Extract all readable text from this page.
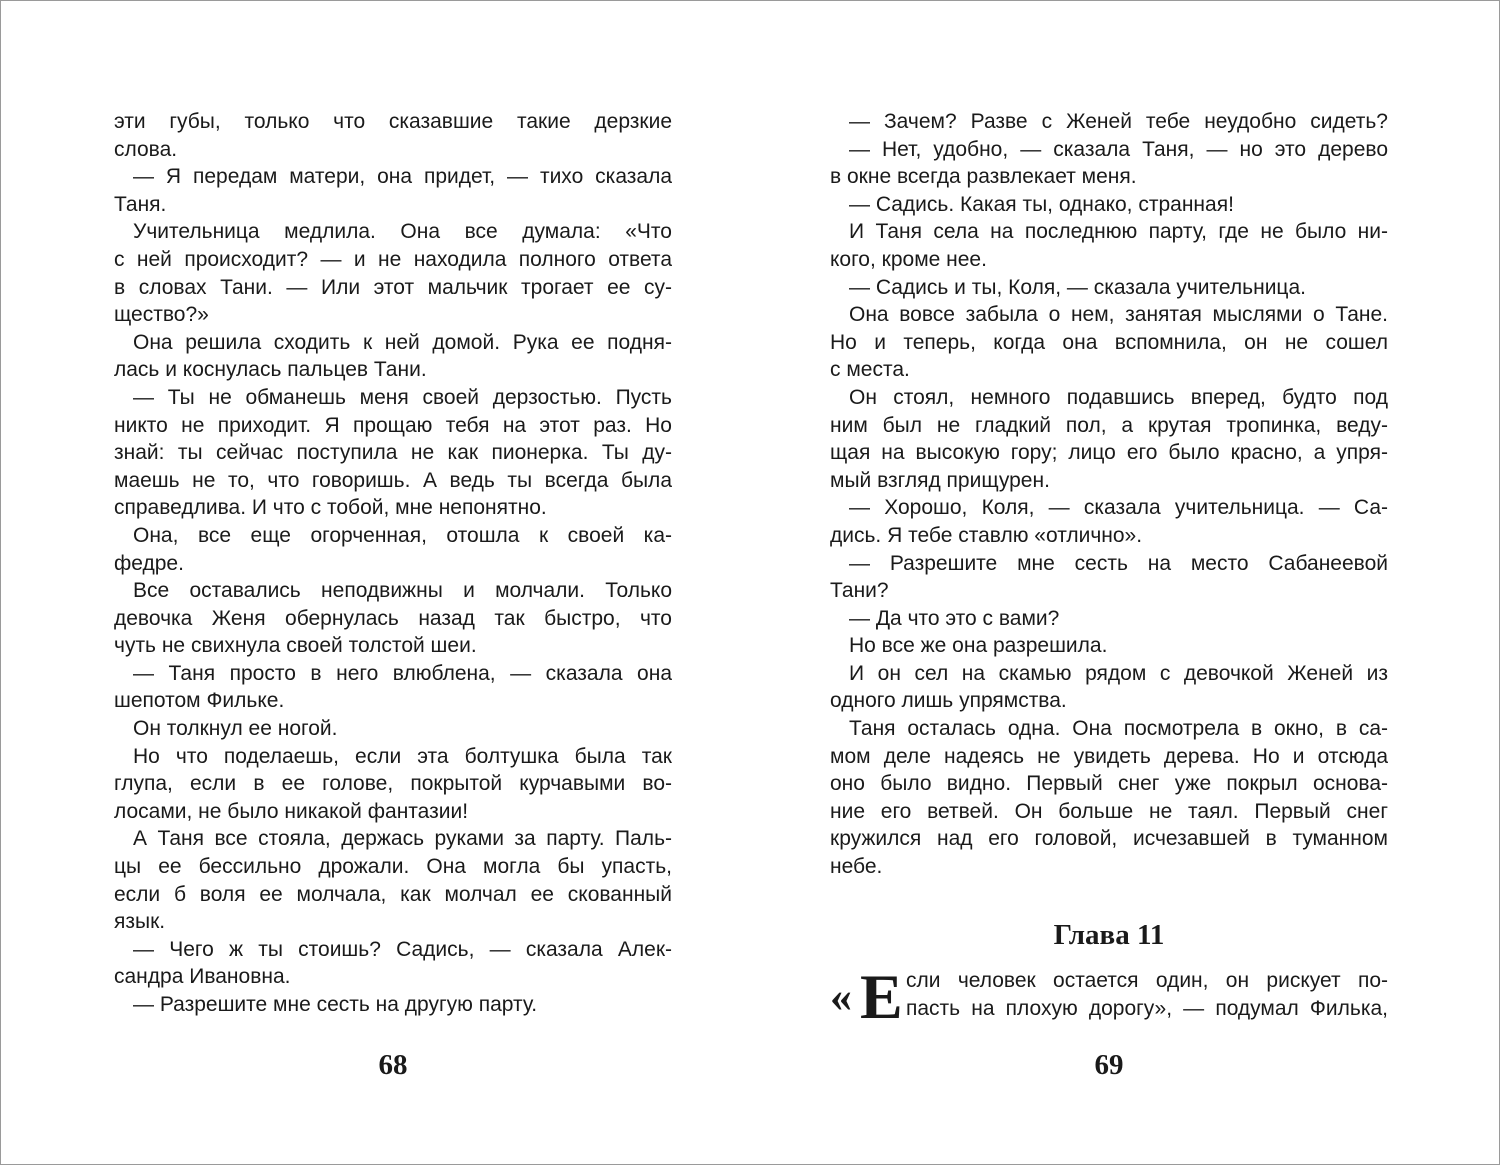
эти губы, только что сказавшие такие дерзкие
слова.
— Я передам матери, она придет, — тихо сказала
Таня.
Учительница медлила. Она все думала: «Что
с ней происходит? — и не находила полного ответа
в словах Тани. — Или этот мальчик трогает ее су-
щество?»
Она решила сходить к ней домой. Рука ее подня-
лась и коснулась пальцев Тани.
— Ты не обманешь меня своей дерзостью. Пусть
никто не приходит. Я прощаю тебя на этот раз. Но
знай: ты сейчас поступила не как пионерка. Ты ду-
маешь не то, что говоришь. А ведь ты всегда была
справедлива. И что с тобой, мне непонятно.
Она, все еще огорченная, отошла к своей ка-
федре.
Все оставались неподвижны и молчали. Только
девочка Женя обернулась назад так быстро, что
чуть не свихнула своей толстой шеи.
— Таня просто в него влюблена, — сказала она
шепотом Фильке.
Он толкнул ее ногой.
Но что поделаешь, если эта болтушка была так
глупа, если в ее голове, покрытой курчавыми во-
лосами, не было никакой фантазии!
А Таня все стояла, держась руками за парту. Паль-
цы ее бессильно дрожали. Она могла бы упасть,
если б воля ее молчала, как молчал ее скованный
язык.
— Чего ж ты стоишь? Садись, — сказала Алек-
сандра Ивановна.
— Разрешите мне сесть на другую парту.
— Зачем? Разве с Женей тебе неудобно сидеть?
— Нет, удобно, — сказала Таня, — но это дерево
в окне всегда развлекает меня.
— Садись. Какая ты, однако, странная!
И Таня села на последнюю парту, где не было ни-
кого, кроме нее.
— Садись и ты, Коля, — сказала учительница.
Она вовсе забыла о нем, занятая мыслями о Тане.
Но и теперь, когда она вспомнила, он не сошел
с места.
Он стоял, немного подавшись вперед, будто под
ним был не гладкий пол, а крутая тропинка, веду-
щая на высокую гору; лицо его было красно, а упря-
мый взгляд прищурен.
— Хорошо, Коля, — сказала учительница. — Са-
дись. Я тебе ставлю «отлично».
— Разрешите мне сесть на место Сабанеевой
Тани?
— Да что это с вами?
Но все же она разрешила.
И он сел на скамью рядом с девочкой Женей из
одного лишь упрямства.
Таня осталась одна. Она посмотрела в окно, в са-
мом деле надеясь не увидеть дерева. Но и отсюда
оно было видно. Первый снег уже покрыл основа-
ние его ветвей. Он больше не таял. Первый снег
кружился над его головой, исчезавшей в туманном
небе.
Глава 11
« Е сли человек остается один, он рискует по-
пасть на плохую дорогу», — подумал Филька,
68	69
